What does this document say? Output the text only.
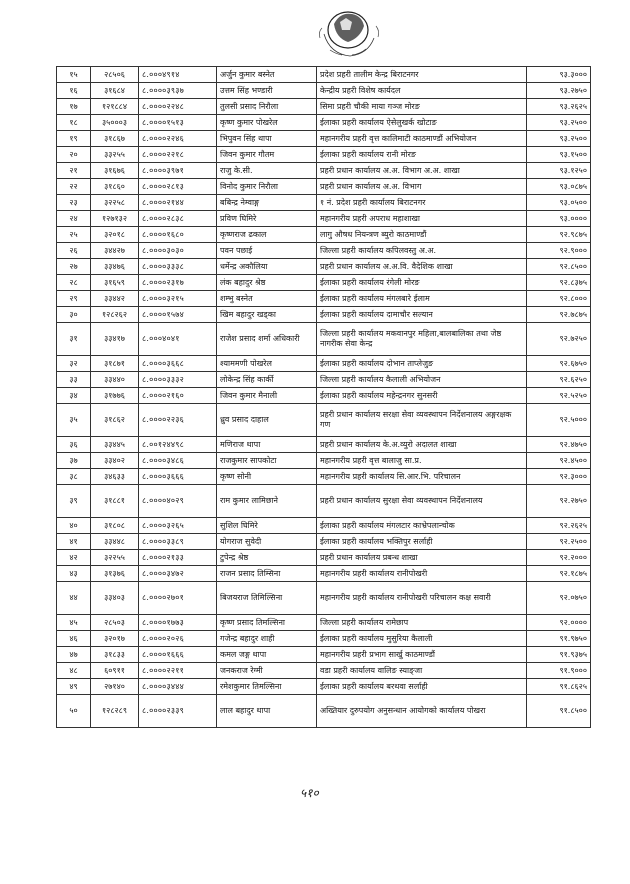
१५	२८५०६	८.०००४९१४	अर्जुन कुमार बस्नेत	प्रदेश प्रहरी तालीम केन्द्र बिराटनगर	९३.३०००
१६	३१६८४	८.००००३९३७	उत्तम सिंह भण्डारी	केन्द्रीय प्रहरी विशेष कार्यदल	९३.२७५०
१७	१२१८८४	८.००००२२४८	तुलसी प्रसाद निरौला	सिमा प्रहरी चौकी माया गञ्ज मोरङ	९३.२६२५
१८	३५०००३	८.००००१५१३	कृष्ण कुमार पोखरेल	ईलाका प्रहरी कार्यालय ऐसेलुखर्क खोटाङ	९३.२५००
१९	३१८६७	८.००००२२४६	भिपुवन सिंह थापा	महानगरीय प्रहरी वृत्त कालिमाटी काठमाण्डौं अभियोजन	९३.२५००
२०	३३२५५	८.००००२२१८	जिवन कुमार गौतम	ईलाका प्रहरी कार्यालय रानी मोरङ	९३.१५००
२१	३१६७६	८.००००३९७१	राजु के.सी.	प्रहरी प्रधान कार्यालय अ.अ. विभाग अ.अ. शाखा	९३.१२५०
२२	३१८६०	८.००००२८१३	विनोद कुमार निरौला	प्रहरी प्रधान कार्यालय अ.अ. विभाग	९३.०८७५
२३	३२२५८	८.००००२१४४	बबिन्द्र नेम्वाङ्ग	१ नं. प्रदेश प्रहरी कार्यालय बिराटनगर	९३.०५००
२४	१२७१३२	८.००००२८३८	प्रविण घिमिरे	महानगरीय प्रहरी अपराध महाशाखा	९३.००००
२५	३२०१८	८.००००१६८०	कृष्णराज ढकाल	लागु औषध नियन्त्रण ब्युरो काठमाण्डौं	९२.९८७५
२६	३४४२७	८.००००३०३०	पवन पछाई	जिल्ला प्रहरी कार्यालय कपिलवस्तु अ.अ.	९२.९०००
२७	३३४७६	८.००००३३३८	धर्मेन्द्र अकौलिया	प्रहरी प्रधान कार्यालय अ.अ.वि. वैदेशिक शाखा	९२.८५००
२८	३१६५९	८.००००२३१७	लंक बहादुर श्रेष्ठ	ईलाका प्रहरी कार्यालय रंगेली मोरङ	९२.८३७५
२९	३३४४२	८.००००३२१५	शम्भु बस्नेत	ईलाका प्रहरी कार्यालय मंगलबारे ईलाम	९२.८०००
३०	१२८२६२	८.००००१५७४	खिम बहादुर खड्का	ईलाका प्रहरी कार्यालय दामाचौर सल्यान	९२.७८७५
३१	३३४१७	८.०००४०४१	राजेश प्रसाद शर्मा अधिकारी	जिल्ला प्रहरी कार्यालय मकवानपुर महिला,बालबालिका तथा जेष्ठ नागरीक सेवा केन्द्र	९२.७२५०
३२	३१८७१	८.००००३६६८	श्याममणी पोखरेल	ईलाका प्रहरी कार्यालय दोभान ताप्लेजुङ	९२.६७५०
३३	३३४४०	८.००००३३३२	लोकेन्द्र सिंह कार्की	जिल्ला प्रहरी कार्यालय कैलाली अभियोजन	९२.६२५०
३४	३१७७६	८.००००२१६०	जिवन कुमार मैनाली	ईलाका प्रहरी कार्यालय महेन्द्रनगर सुनसरी	९२.५२५०
३५	३१८६२	८.००००२२३६	ध्रुव प्रसाद दाहाल	प्रहरी प्रधान कार्यालय सरक्षा सेवा व्यवस्थापन निर्देशनालय अङ्गरक्षक गण	९२.५०००
३६	३३४४५	८.००१२४४९८	मणिराज थापा	प्रहरी प्रधान कार्यालय के.अ.व्युरो अदालत शाखा	९२.४७५०
३७	३३४०२	८.००००३४८६	राजकुमार सापकोटा	महानगरीय प्रहरी वृत्त बालाजु सा.प्र.	९२.४५००
३८	३४६३३	८.००००३६६६	कृष्ण सोनी	महानगरीय प्रहरी कार्यालय सि.आर.भि. परिचालन	९२.३०००
३९	३१८८१	८.००००४०२९	राम कुमार लामिछाने	प्रहरी प्रधान कार्यालय सुरक्षा सेवा व्यवस्थापन निर्देशनालय	९२.२७५०
४०	३१८०८	८.००००३२६५	सुशिल घिमिरे	ईलाका प्रहरी कार्यालय मंगलटार काभ्रेपलान्चोक	९२.२६२५
४१	३३४४८	८.००००३३८९	योगराज सुवेदी	ईलाका प्रहरी कार्यालय भक्तिपुर सर्लाही	९२.२५००
४२	३२२५५	८.००००२१३३	टुपेन्द्र श्रेष्ठ	प्रहरी प्रधान कार्यालय प्रबन्ध शाखा	९२.२०००
४३	३१३७६	८.००००३४७२	राजन प्रसाद तिम्सिना	महानगरीय प्रहरी कार्यालय रानीपोखरी	९२.१८७५
४४	३३४०३	८.००००२७०१	बिजयराज तिमिल्सिना	महानगरीय प्रहरी कार्यालय रानीपोखरी परिचालन कक्ष सवारी	९२.०७५०
४५	२८५०३	८.००००१७७३	कृष्ण प्रसाद तिमल्सिना	जिल्ला प्रहरी कार्यालय रामेछाप	९२.००००
४६	३२०१७	८.००००२०२६	गजेन्द्र बहादुर शाही	ईलाका प्रहरी कार्यालय मुसुरिया कैलाली	९१.९७५०
४७	३१८३३	८.००००१६६६	कमल जङ्ग थापा	महानगरीय प्रहरी प्रभाग सार्खु काठमाण्डौं	९१.९३७५
४८	६०९११	८.००००२२११	जनकराज रेग्मी	वडा प्रहरी कार्यालय वालिङ स्याङ्जा	९१.९०००
४९	२७१४०	८.००००३४४४	रमेशकुमार तिमल्सिना	ईलाका प्रहरी कार्यालय बरथवा सर्लाही	९१.८६२५
५०	१२८२८९	८.००००२३३९	लाल बहादुर थापा	अख्तियार दुरुपयोग अनुसन्धान आयोगको कार्यालय पोखरा	९१.८५००
५१०
